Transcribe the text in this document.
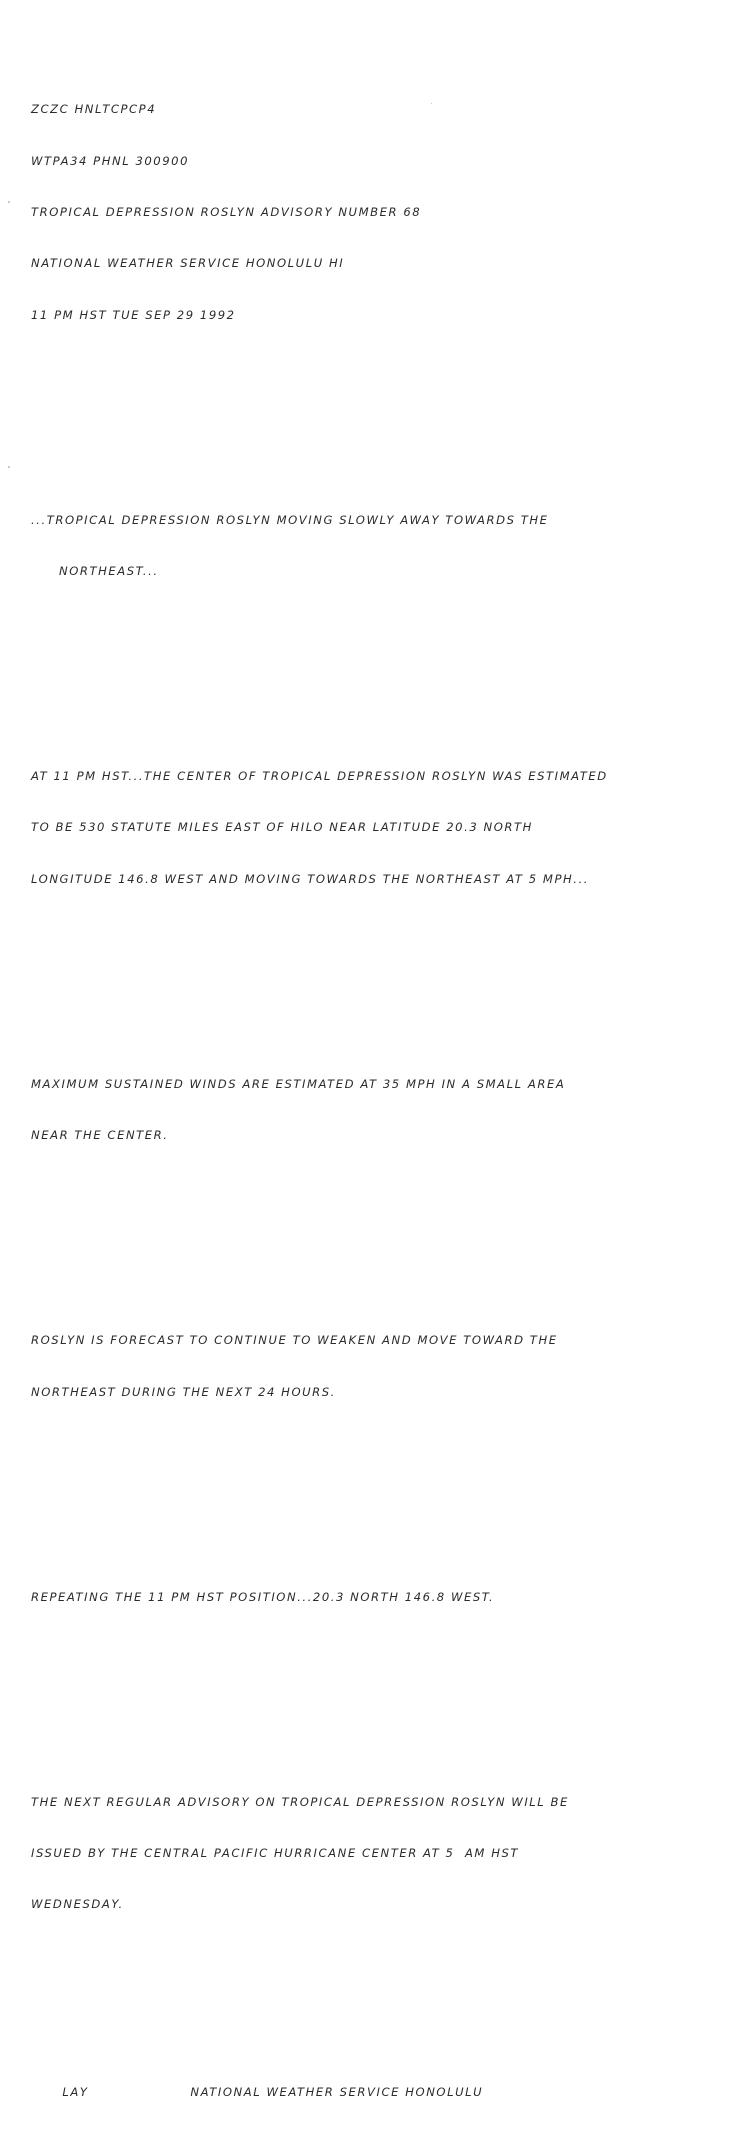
ZCZC HNLTCPCP4

WTPA34 PHNL 300900

TROPICAL DEPRESSION ROSLYN ADVISORY NUMBER 68

NATIONAL WEATHER SERVICE HONOLULU HI

11 PM HST TUE SEP 29 1992

...TROPICAL DEPRESSION ROSLYN MOVING SLOWLY AWAY TOWARDS THE

NORTHEAST...

AT 11 PM HST...THE CENTER OF TROPICAL DEPRESSION ROSLYN WAS ESTIMATED

TO BE 530 STATUTE MILES EAST OF HILO NEAR LATITUDE 20.3 NORTH

LONGITUDE 146.8 WEST AND MOVING TOWARDS THE NORTHEAST AT 5 MPH...

MAXIMUM SUSTAINED WINDS ARE ESTIMATED AT 35 MPH IN A SMALL AREA

NEAR THE CENTER.

ROSLYN IS FORECAST TO CONTINUE TO WEAKEN AND MOVE TOWARD THE

NORTHEAST DURING THE NEXT 24 HOURS.

REPEATING THE 11 PM HST POSITION...20.3 NORTH 146.8 WEST.

THE NEXT REGULAR ADVISORY ON TROPICAL DEPRESSION ROSLYN WILL BE

ISSUED BY THE CENTRAL PACIFIC HURRICANE CENTER AT 5  AM HST

WEDNESDAY.

LAY	NATIONAL WEATHER SERVICE HONOLULU
